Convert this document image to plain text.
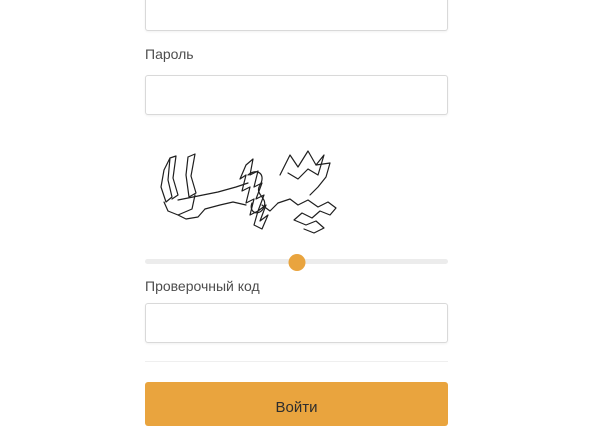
Пароль
Проверочный код
Войти
